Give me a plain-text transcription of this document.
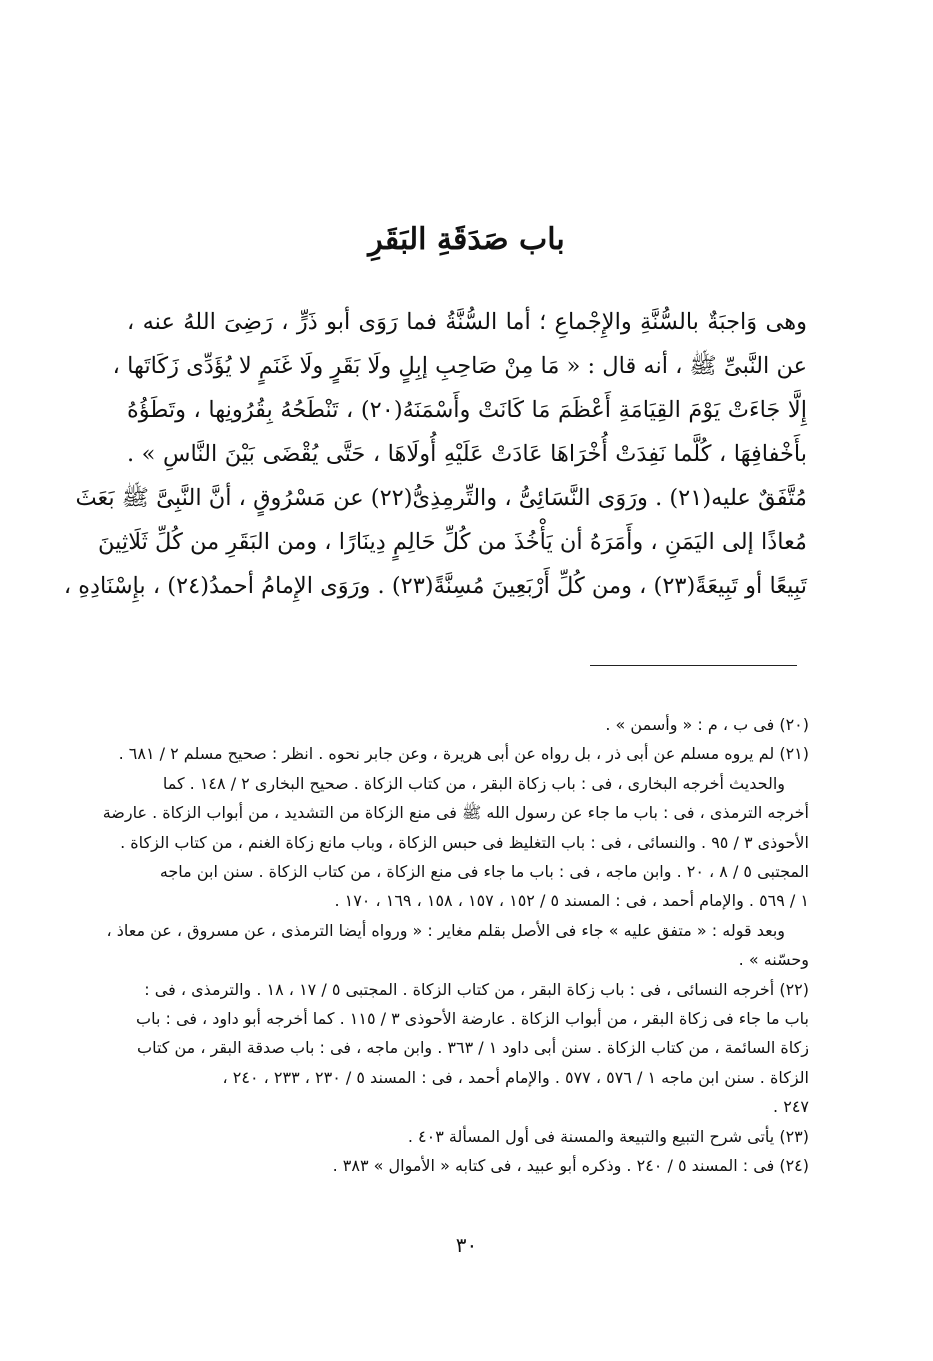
باب صَدَقَةِ البَقَرِ
وهى وَاجبَةٌ بالسُّنَّةِ والإِجْماعِ ؛ أما السُّنَّةُ فما رَوَى أبو ذَرٍّ ، رَضِىَ اللهُ عنه ،
عن النَّبىِّ ﷺ ، أنه قال : « مَا مِنْ صَاحِبِ إبِلٍ ولَا بَقَرٍ ولَا غَنَمٍ لا يُؤَدِّى زَكَاتَها ،
إِلَّا جَاءَتْ يَوْمَ القِيَامَةِ أَعْظَمَ مَا كَانَتْ وأَسْمَنَهُ(٢٠) ، تَنْطَحُهُ بِقُرُونِها ، وتَطَؤُهُ
بأَخْفافِهَا ، كُلَّما نَفِدَتْ أُخْرَاهَا عَادَتْ عَلَيْهِ أُولَاهَا ، حَتَّى يُقْضَى بَيْنَ النَّاسِ » .
مُتَّفَقٌ عليه(٢١) . ورَوَى النَّسَائِىُّ ، والتِّرمِذِىُّ(٢٢) عن مَسْرُوقٍ ، أنَّ النَّبِىَّ ﷺ بَعَثَ
مُعاذًا إلى اليَمَنِ ، وأَمَرَهُ أن يَأْخُذَ من كُلِّ حَالِمٍ دِينَارًا ، ومن البَقَرِ من كُلِّ ثَلَاثِينَ
تَبِيعًا أو تَبِيعَةً(٢٣) ، ومن كُلِّ أَرْبَعِينَ مُسِنَّةً(٢٣) . ورَوَى الإِمامُ أحمدُ(٢٤) ، بإِسْنَادِهِ ،
(٢٠) فى ب ، م : « وأسمن » .
(٢١) لم يروه مسلم عن أبى ذر ، بل رواه عن أبى هريرة ، وعن جابر نحوه . انظر : صحيح مسلم ٢ / ٦٨١ .
والحديث أخرجه البخارى ، فى : باب زكاة البقر ، من كتاب الزكاة . صحيح البخارى ٢ / ١٤٨ . كما
أخرجه الترمذى ، فى : باب ما جاء عن رسول الله ﷺ فى منع الزكاة من التشديد ، من أبواب الزكاة . عارضة
الأحوذى ٣ / ٩٥ . والنسائى ، فى : باب التغليظ فى حبس الزكاة ، وباب مانع زكاة الغنم ، من كتاب الزكاة .
المجتبى ٥ / ٨ ، ٢٠ . وابن ماجه ، فى : باب ما جاء فى منع الزكاة ، من كتاب الزكاة . سنن ابن ماجه
١ / ٥٦٩ . والإمام أحمد ، فى : المسند ٥ / ١٥٢ ، ١٥٧ ، ١٥٨ ، ١٦٩ ، ١٧٠ .
وبعد قوله : « متفق عليه » جاء فى الأصل بقلم مغاير : « ورواه أيضا الترمذى ، عن مسروق ، عن معاذ ،
وحسّنه » .
(٢٢) أخرجه النسائى ، فى : باب زكاة البقر ، من كتاب الزكاة . المجتبى ٥ / ١٧ ، ١٨ . والترمذى ، فى :
باب ما جاء فى زكاة البقر ، من أبواب الزكاة . عارضة الأحوذى ٣ / ١١٥ . كما أخرجه أبو داود ، فى : باب
زكاة السائمة ، من كتاب الزكاة . سنن أبى داود ١ / ٣٦٣ . وابن ماجه ، فى : باب صدقة البقر ، من كتاب
الزكاة . سنن ابن ماجه ١ / ٥٧٦ ، ٥٧٧ . والإمام أحمد ، فى : المسند ٥ / ٢٣٠ ، ٢٣٣ ، ٢٤٠ ،
٢٤٧ .
(٢٣) يأتى شرح التبيع والتبيعة والمسنة فى أول المسألة ٤٠٣ .
(٢٤) فى : المسند ٥ / ٢٤٠ . وذكره أبو عبيد ، فى كتابه « الأموال » ٣٨٣ .
٣٠
